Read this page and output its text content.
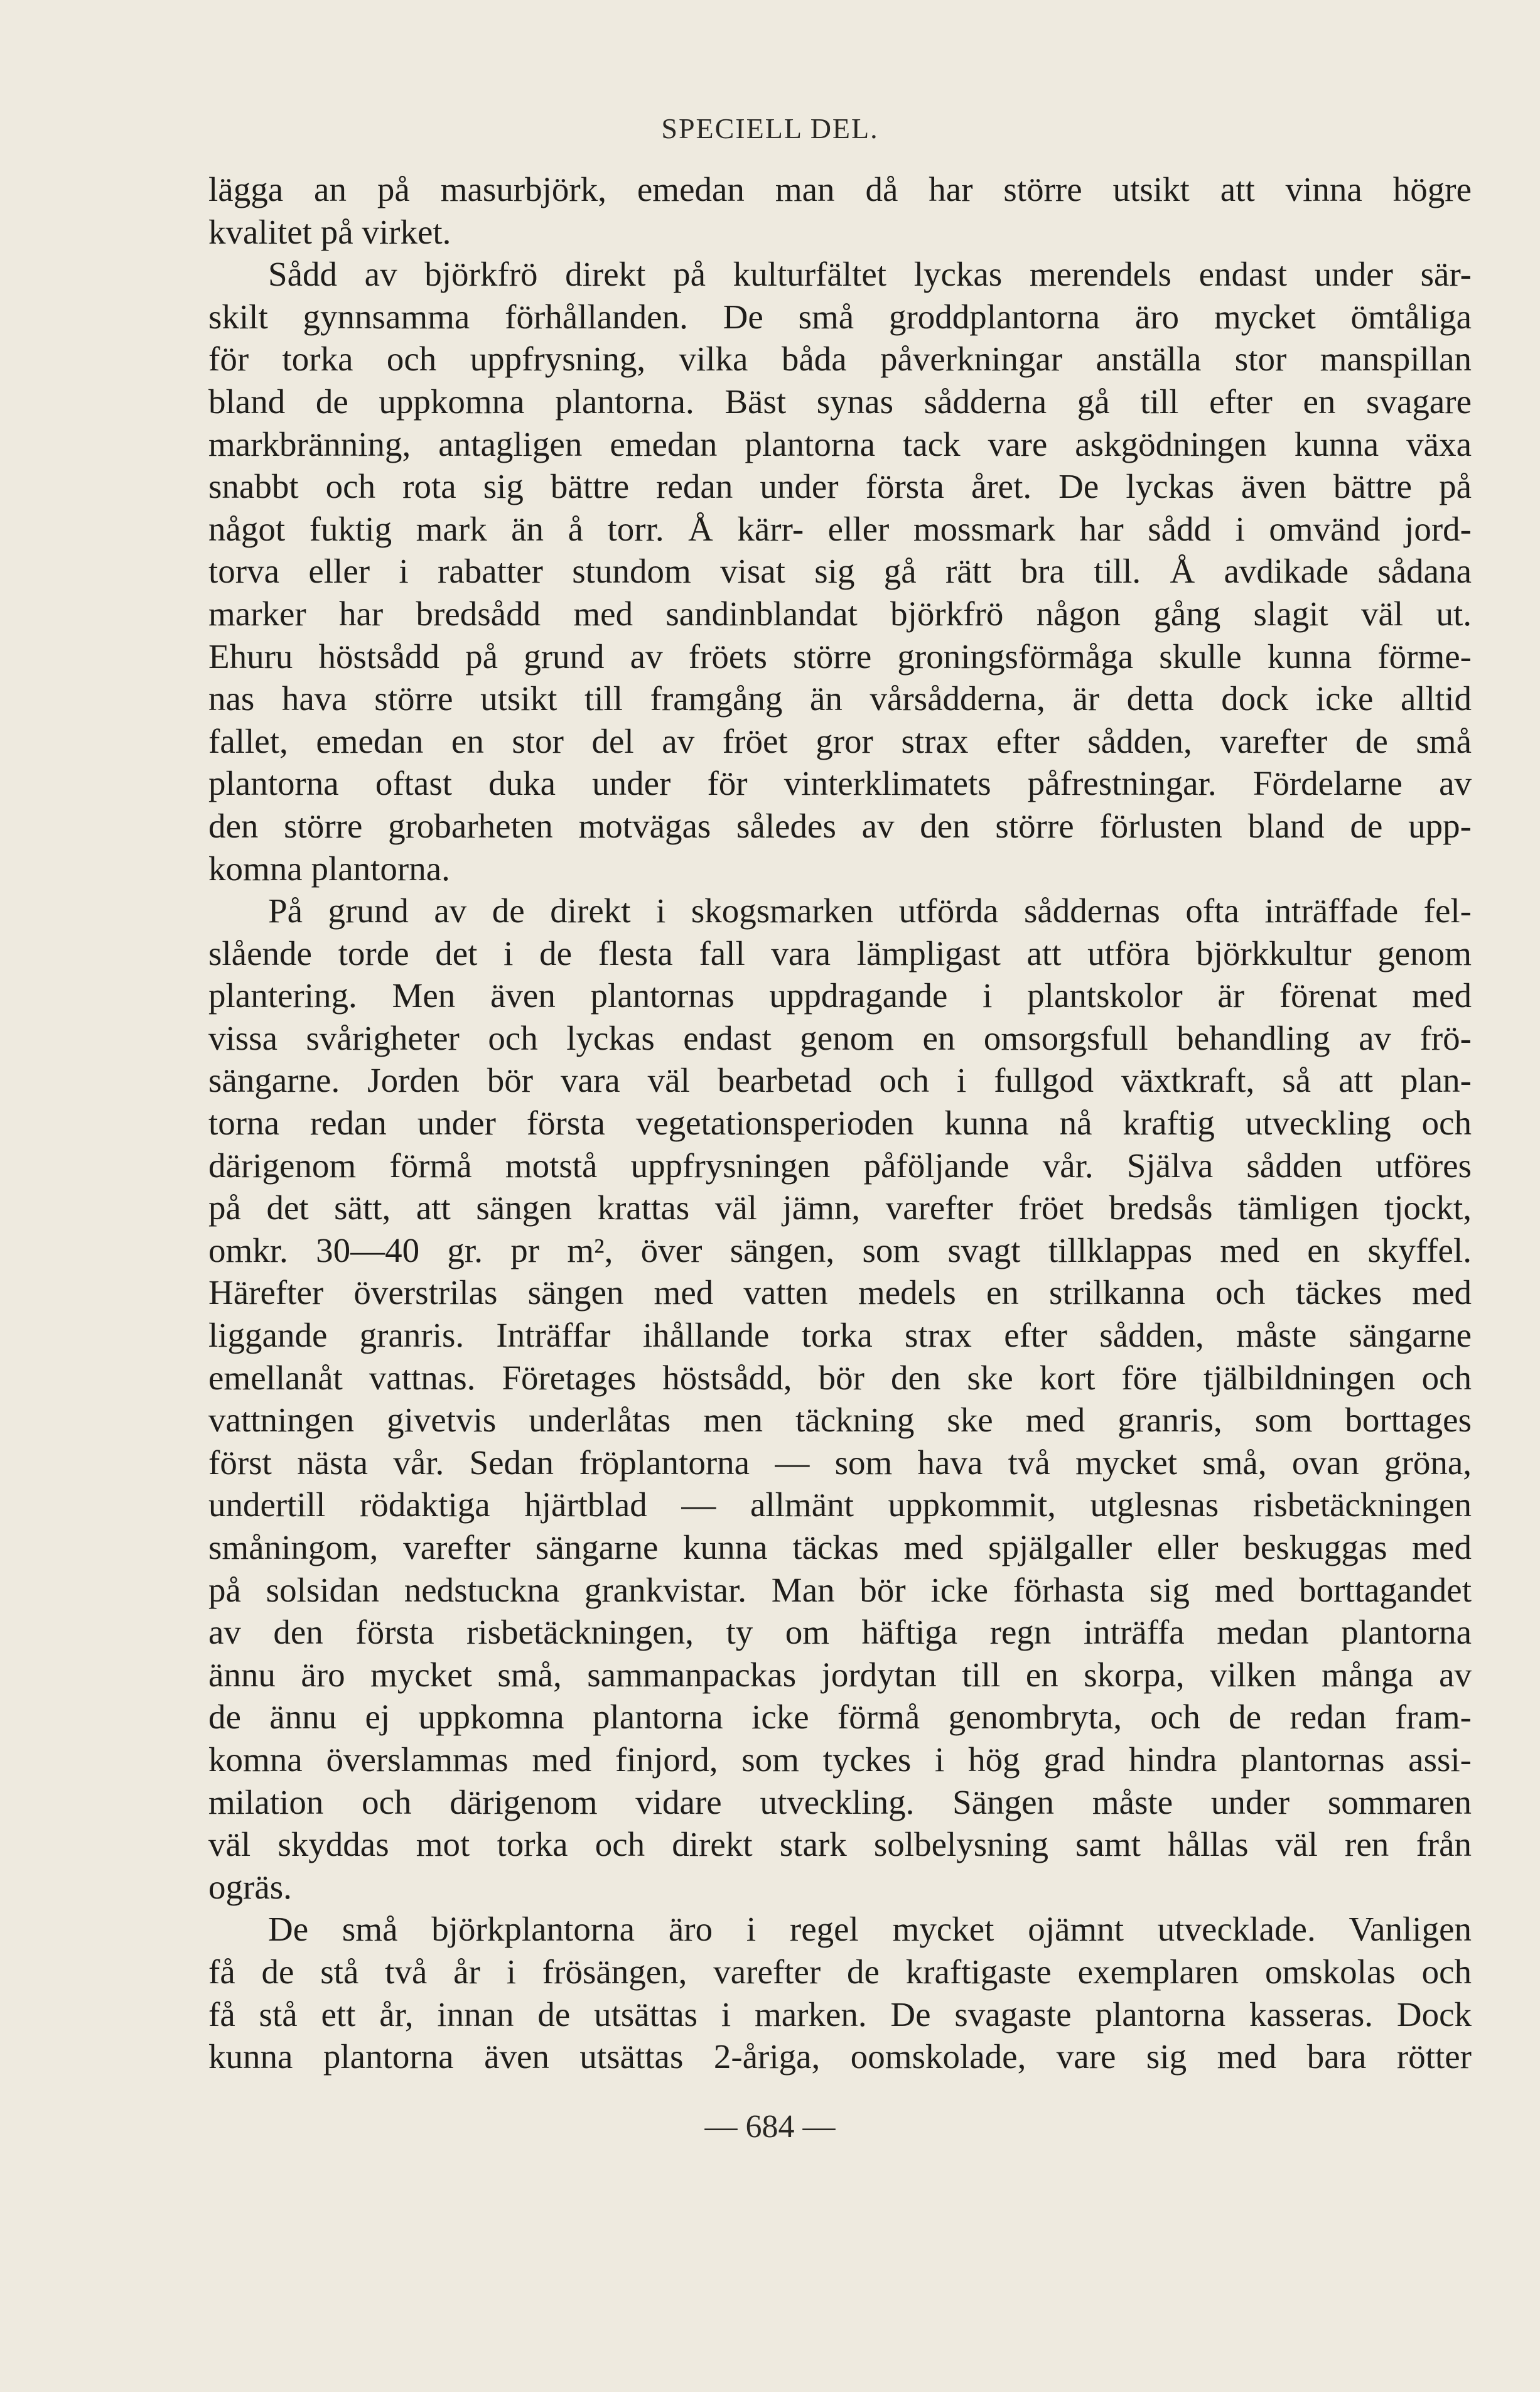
SPECIELL DEL.
lägga an på masurbjörk, emedan man då har större utsikt att vinna högre
kvalitet på virket.
Sådd av björkfrö direkt på kulturfältet lyckas merendels endast under sär-
skilt gynnsamma förhållanden. De små groddplantorna äro mycket ömtåliga
för torka och uppfrysning, vilka båda påverkningar anställa stor manspillan
bland de uppkomna plantorna. Bäst synas sådderna gå till efter en svagare
markbränning, antagligen emedan plantorna tack vare askgödningen kunna växa
snabbt och rota sig bättre redan under första året. De lyckas även bättre på
något fuktig mark än å torr. Å kärr- eller mossmark har sådd i omvänd jord-
torva eller i rabatter stundom visat sig gå rätt bra till. Å avdikade sådana
marker har bredsådd med sandinblandat björkfrö någon gång slagit väl ut.
Ehuru höstsådd på grund av fröets större groningsförmåga skulle kunna förme-
nas hava större utsikt till framgång än vårsådderna, är detta dock icke alltid
fallet, emedan en stor del av fröet gror strax efter sådden, varefter de små
plantorna oftast duka under för vinterklimatets påfrestningar. Fördelarne av
den större grobarheten motvägas således av den större förlusten bland de upp-
komna plantorna.
På grund av de direkt i skogsmarken utförda såddernas ofta inträffade fel-
slående torde det i de flesta fall vara lämpligast att utföra björkkultur genom
plantering. Men även plantornas uppdragande i plantskolor är förenat med
vissa svårigheter och lyckas endast genom en omsorgsfull behandling av frö-
sängarne. Jorden bör vara väl bearbetad och i fullgod växtkraft, så att plan-
torna redan under första vegetationsperioden kunna nå kraftig utveckling och
därigenom förmå motstå uppfrysningen påföljande vår. Själva sådden utföres
på det sätt, att sängen krattas väl jämn, varefter fröet bredsås tämligen tjockt,
omkr. 30—40 gr. pr m², över sängen, som svagt tillklappas med en skyffel.
Härefter överstrilas sängen med vatten medels en strilkanna och täckes med
liggande granris. Inträffar ihållande torka strax efter sådden, måste sängarne
emellanåt vattnas. Företages höstsådd, bör den ske kort före tjälbildningen och
vattningen givetvis underlåtas men täckning ske med granris, som borttages
först nästa vår. Sedan fröplantorna — som hava två mycket små, ovan gröna,
undertill rödaktiga hjärtblad — allmänt uppkommit, utglesnas risbetäckningen
småningom, varefter sängarne kunna täckas med spjälgaller eller beskuggas med
på solsidan nedstuckna grankvistar. Man bör icke förhasta sig med borttagandet
av den första risbetäckningen, ty om häftiga regn inträffa medan plantorna
ännu äro mycket små, sammanpackas jordytan till en skorpa, vilken många av
de ännu ej uppkomna plantorna icke förmå genombryta, och de redan fram-
komna överslammas med finjord, som tyckes i hög grad hindra plantornas assi-
milation och därigenom vidare utveckling. Sängen måste under sommaren
väl skyddas mot torka och direkt stark solbelysning samt hållas väl ren från
ogräs.
De små björkplantorna äro i regel mycket ojämnt utvecklade. Vanligen
få de stå två år i frösängen, varefter de kraftigaste exemplaren omskolas och
få stå ett år, innan de utsättas i marken. De svagaste plantorna kasseras. Dock
kunna plantorna även utsättas 2-åriga, oomskolade, vare sig med bara rötter
— 684 —
